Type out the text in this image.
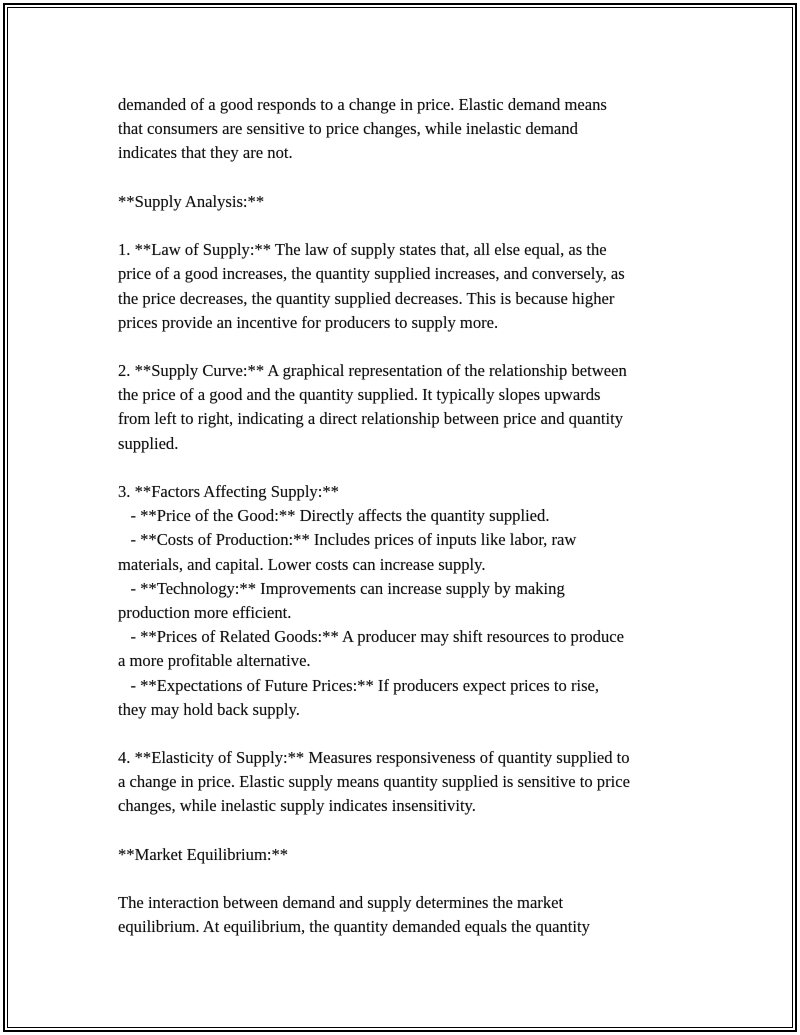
demanded of a good responds to a change in price. Elastic demand means
that consumers are sensitive to price changes, while inelastic demand
indicates that they are not.
**Supply Analysis:**
1. **Law of Supply:** The law of supply states that, all else equal, as the
price of a good increases, the quantity supplied increases, and conversely, as
the price decreases, the quantity supplied decreases. This is because higher
prices provide an incentive for producers to supply more.
2. **Supply Curve:** A graphical representation of the relationship between
the price of a good and the quantity supplied. It typically slopes upwards
from left to right, indicating a direct relationship between price and quantity
supplied.
3. **Factors Affecting Supply:**
- **Price of the Good:** Directly affects the quantity supplied.
- **Costs of Production:** Includes prices of inputs like labor, raw
materials, and capital. Lower costs can increase supply.
- **Technology:** Improvements can increase supply by making
production more efficient.
- **Prices of Related Goods:** A producer may shift resources to produce
a more profitable alternative.
- **Expectations of Future Prices:** If producers expect prices to rise,
they may hold back supply.
4. **Elasticity of Supply:** Measures responsiveness of quantity supplied to
a change in price. Elastic supply means quantity supplied is sensitive to price
changes, while inelastic supply indicates insensitivity.
**Market Equilibrium:**
The interaction between demand and supply determines the market
equilibrium. At equilibrium, the quantity demanded equals the quantity
